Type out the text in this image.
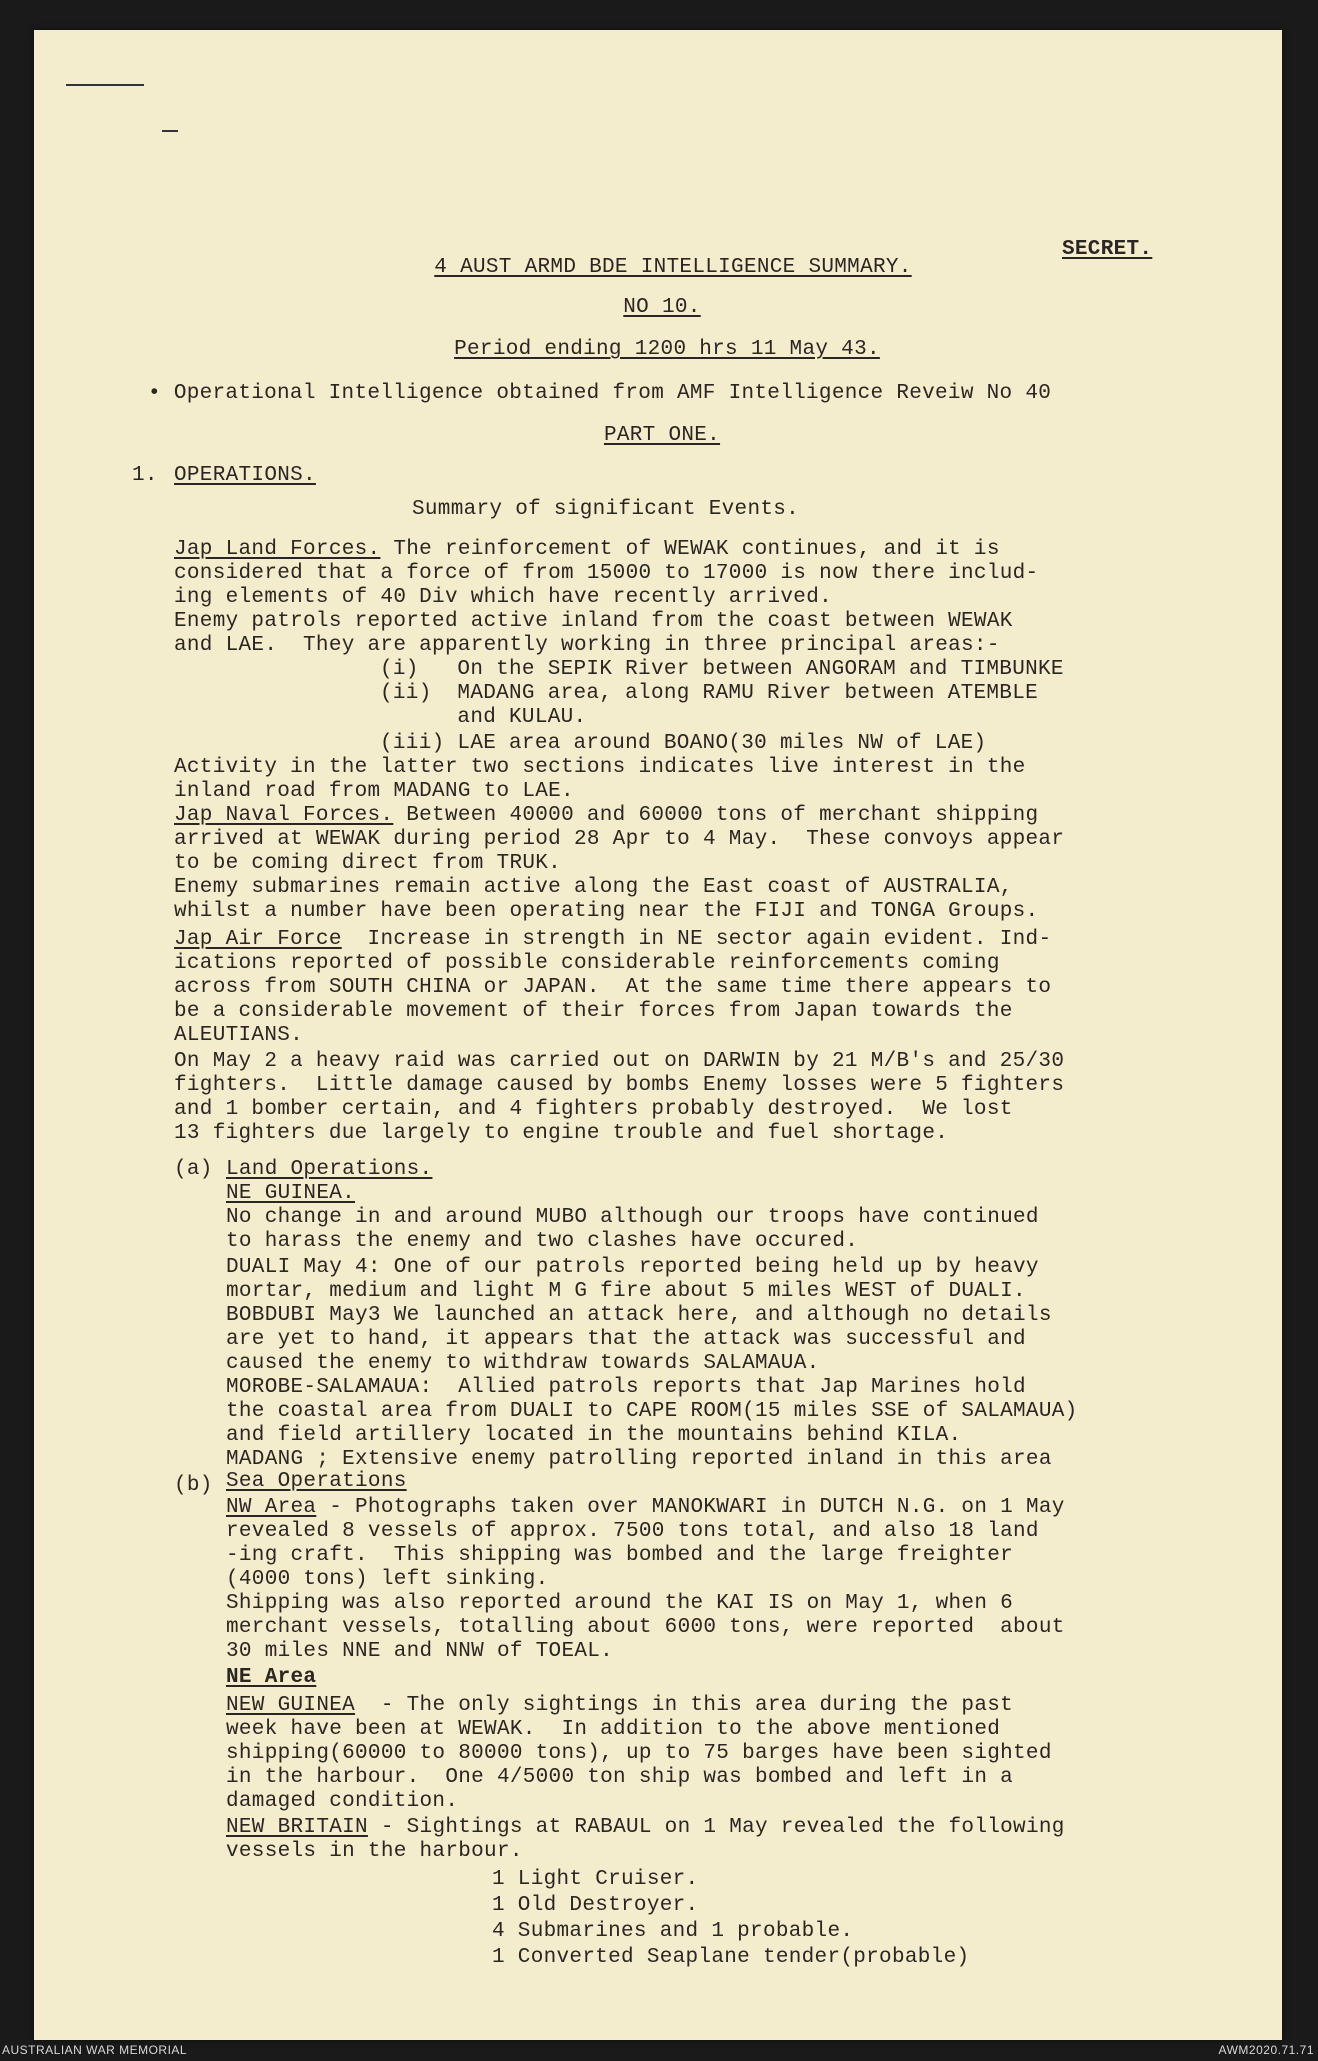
SECRET.
4 AUST ARMD BDE INTELLIGENCE SUMMARY.
NO 10.
Period ending 1200 hrs 11 May 43.
• Operational Intelligence obtained from AMF Intelligence Reveiw No 40
PART ONE.
1. OPERATIONS.
Summary of significant Events.
Jap Land Forces. The reinforcement of WEWAK continues, and it is
considered that a force of from 15000 to 17000 is now there includ-
ing elements of 40 Div which have recently arrived.
Enemy patrols reported active inland from the coast between WEWAK
and LAE.  They are apparently working in three principal areas:-
(i)   On the SEPIK River between ANGORAM and TIMBUNKE
(ii)  MADANG area, along RAMU River between ATEMBLE
and KULAU.
(iii) LAE area around BOANO(30 miles NW of LAE)
Activity in the latter two sections indicates live interest in the
inland road from MADANG to LAE.
Jap Naval Forces. Between 40000 and 60000 tons of merchant shipping
arrived at WEWAK during period 28 Apr to 4 May.  These convoys appear
to be coming direct from TRUK.
Enemy submarines remain active along the East coast of AUSTRALIA,
whilst a number have been operating near the FIJI and TONGA Groups.
Jap Air Force  Increase in strength in NE sector again evident. Ind-
ications reported of possible considerable reinforcements coming
across from SOUTH CHINA or JAPAN.  At the same time there appears to
be a considerable movement of their forces from Japan towards the
ALEUTIANS.
On May 2 a heavy raid was carried out on DARWIN by 21 M/B's and 25/30
fighters.  Little damage caused by bombs Enemy losses were 5 fighters
and 1 bomber certain, and 4 fighters probably destroyed.  We lost
13 fighters due largely to engine trouble and fuel shortage.
(a) Land Operations.
NE GUINEA.
No change in and around MUBO although our troops have continued
to harass the enemy and two clashes have occured.
DUALI May 4: One of our patrols reported being held up by heavy
mortar, medium and light M G fire about 5 miles WEST of DUALI.
BOBDUBI May3 We launched an attack here, and although no details
are yet to hand, it appears that the attack was successful and
caused the enemy to withdraw towards SALAMAUA.
MOROBE-SALAMAUA:  Allied patrols reports that Jap Marines hold
the coastal area from DUALI to CAPE ROOM(15 miles SSE of SALAMAUA)
and field artillery located in the mountains behind KILA.
MADANG ; Extensive enemy patrolling reported inland in this area
(b) Sea Operations
NW Area - Photographs taken over MANOKWARI in DUTCH N.G. on 1 May
revealed 8 vessels of approx. 7500 tons total, and also 18 land
-ing craft.  This shipping was bombed and the large freighter
(4000 tons) left sinking.
Shipping was also reported around the KAI IS on May 1, when 6
merchant vessels, totalling about 6000 tons, were reported  about
30 miles NNE and NNW of TOEAL.
NE Area
NEW GUINEA  - The only sightings in this area during the past
week have been at WEWAK.  In addition to the above mentioned
shipping(60000 to 80000 tons), up to 75 barges have been sighted
in the harbour.  One 4/5000 ton ship was bombed and left in a
damaged condition.
NEW BRITAIN - Sightings at RABAUL on 1 May revealed the following
vessels in the harbour.
1 Light Cruiser.
1 Old Destroyer.
4 Submarines and 1 probable.
1 Converted Seaplane tender(probable)
AUSTRALIAN WAR MEMORIAL	AWM2020.71.71
